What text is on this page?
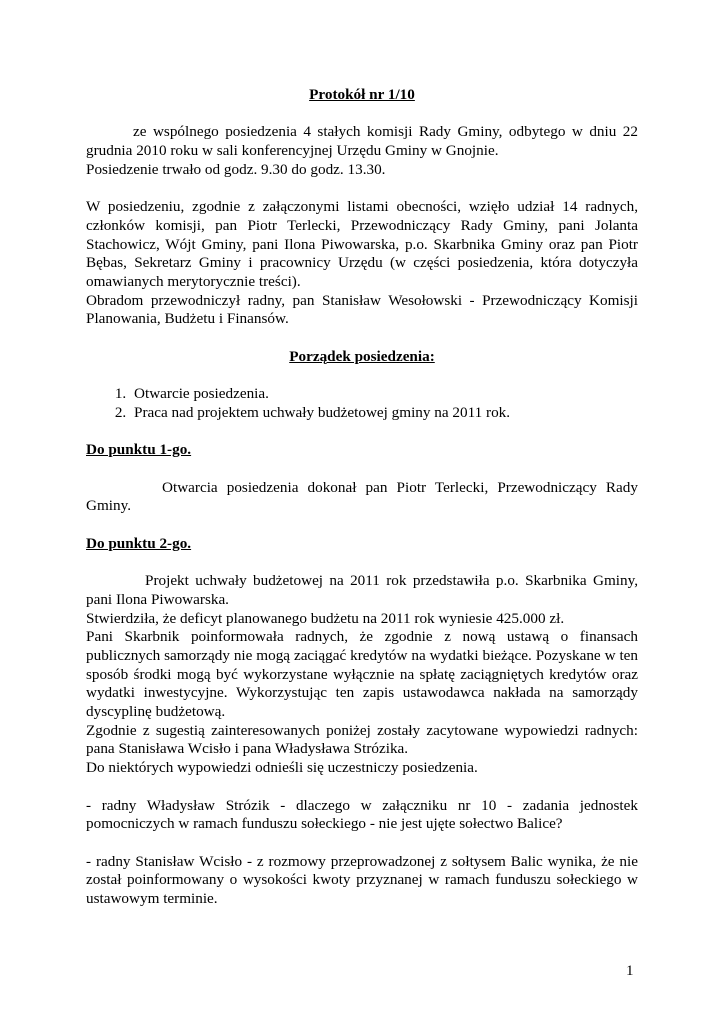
Protokół nr 1/10

ze wspólnego posiedzenia 4 stałych komisji Rady Gminy, odbytego w dniu 22 grudnia 2010 roku w sali konferencyjnej Urzędu Gminy w Gnojnie.

Posiedzenie trwało od godz. 9.30 do godz. 13.30.

W posiedzeniu, zgodnie z załączonymi listami obecności, wzięło udział 14 radnych, członków komisji, pan Piotr Terlecki, Przewodniczący Rady Gminy, pani Jolanta Stachowicz, Wójt Gminy, pani Ilona Piwowarska, p.o. Skarbnika Gminy oraz pan Piotr Bębas, Sekretarz Gminy i pracownicy Urzędu (w części posiedzenia, która dotyczyła omawianych merytorycznie treści).

Obradom przewodniczył radny, pan Stanisław Wesołowski - Przewodniczący Komisji Planowania, Budżetu i Finansów.

Porządek posiedzenia:

1. Otwarcie posiedzenia.
2. Praca nad projektem uchwały budżetowej gminy na 2011 rok.

Do punktu 1-go.

Otwarcia posiedzenia dokonał pan Piotr Terlecki, Przewodniczący Rady Gminy.

Do punktu 2-go.

Projekt uchwały budżetowej na 2011 rok przedstawiła p.o. Skarbnika Gminy, pani Ilona Piwowarska.

Stwierdziła, że deficyt planowanego budżetu na 2011 rok wyniesie 425.000 zł.

Pani Skarbnik poinformowała radnych, że zgodnie z nową ustawą o finansach publicznych samorządy nie mogą zaciągać kredytów na wydatki bieżące. Pozyskane w ten sposób środki mogą być wykorzystane wyłącznie na spłatę zaciągniętych kredytów oraz wydatki inwestycyjne. Wykorzystując ten zapis ustawodawca nakłada na samorządy dyscyplinę budżetową.

Zgodnie z sugestią zainteresowanych poniżej zostały zacytowane wypowiedzi radnych: pana Stanisława Wcisło i pana Władysława Strózika.

Do niektórych wypowiedzi odnieśli się uczestniczy posiedzenia.

- radny Władysław Strózik - dlaczego w załączniku nr 10 - zadania jednostek pomocniczych w ramach funduszu sołeckiego - nie jest ujęte sołectwo Balice?

- radny Stanisław Wcisło - z rozmowy przeprowadzonej z sołtysem Balic wynika, że nie został poinformowany o wysokości kwoty przyznanej w ramach funduszu sołeckiego w ustawowym terminie.

1
